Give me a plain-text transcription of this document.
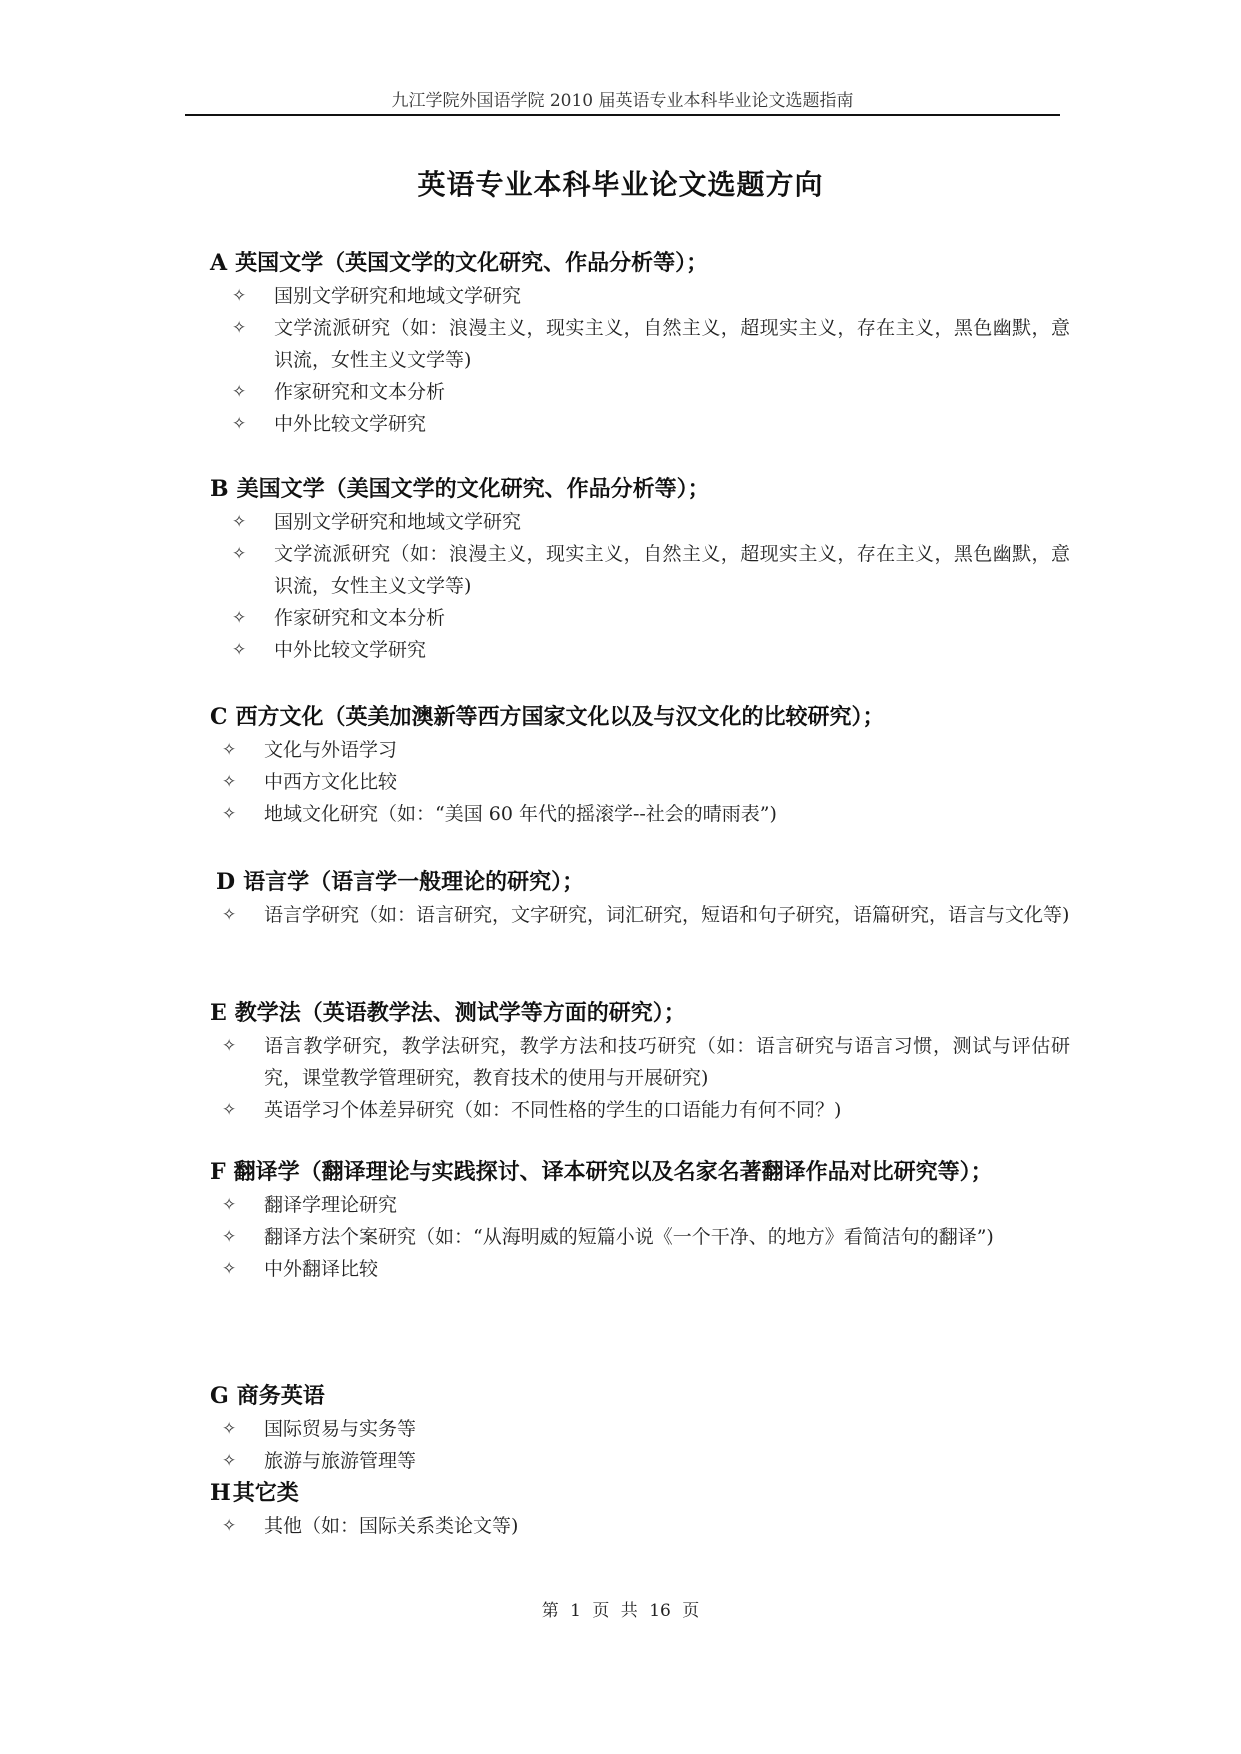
九江学院外国语学院 2010 届英语专业本科毕业论文选题指南
英语专业本科毕业论文选题方向
A 英国文学（英国文学的文化研究、作品分析等）；
✧	国别文学研究和地域文学研究
✧	文学流派研究（如：浪漫主义，现实主义，自然主义，超现实主义，存在主义，黑色幽默，意识流，女性主义文学等)
✧	作家研究和文本分析
✧	中外比较文学研究
B 美国文学（美国文学的文化研究、作品分析等）；
✧	国别文学研究和地域文学研究
✧	文学流派研究（如：浪漫主义，现实主义，自然主义，超现实主义，存在主义，黑色幽默，意识流，女性主义文学等)
✧	作家研究和文本分析
✧	中外比较文学研究
C 西方文化（英美加澳新等西方国家文化以及与汉文化的比较研究）；
✧	文化与外语学习
✧	中西方文化比较
✧	地域文化研究（如：“美国 60 年代的摇滚学--社会的晴雨表”)
D 语言学（语言学一般理论的研究）；
✧	语言学研究（如：语言研究，文字研究，词汇研究，短语和句子研究，语篇研究，语言与文化等)
E 教学法（英语教学法、测试学等方面的研究）；
✧	语言教学研究，教学法研究，教学方法和技巧研究（如：语言研究与语言习惯，测试与评估研究，课堂教学管理研究，教育技术的使用与开展研究)
✧	英语学习个体差异研究（如：不同性格的学生的口语能力有何不同？)
F 翻译学（翻译理论与实践探讨、译本研究以及名家名著翻译作品对比研究等）；
✧	翻译学理论研究
✧	翻译方法个案研究（如：“从海明威的短篇小说《一个干净、的地方》看简洁句的翻译”)
✧	中外翻译比较
G 商务英语
✧	国际贸易与实务等
✧	旅游与旅游管理等
H其它类
✧	其他（如：国际关系类论文等)
第 1 页 共 16 页
